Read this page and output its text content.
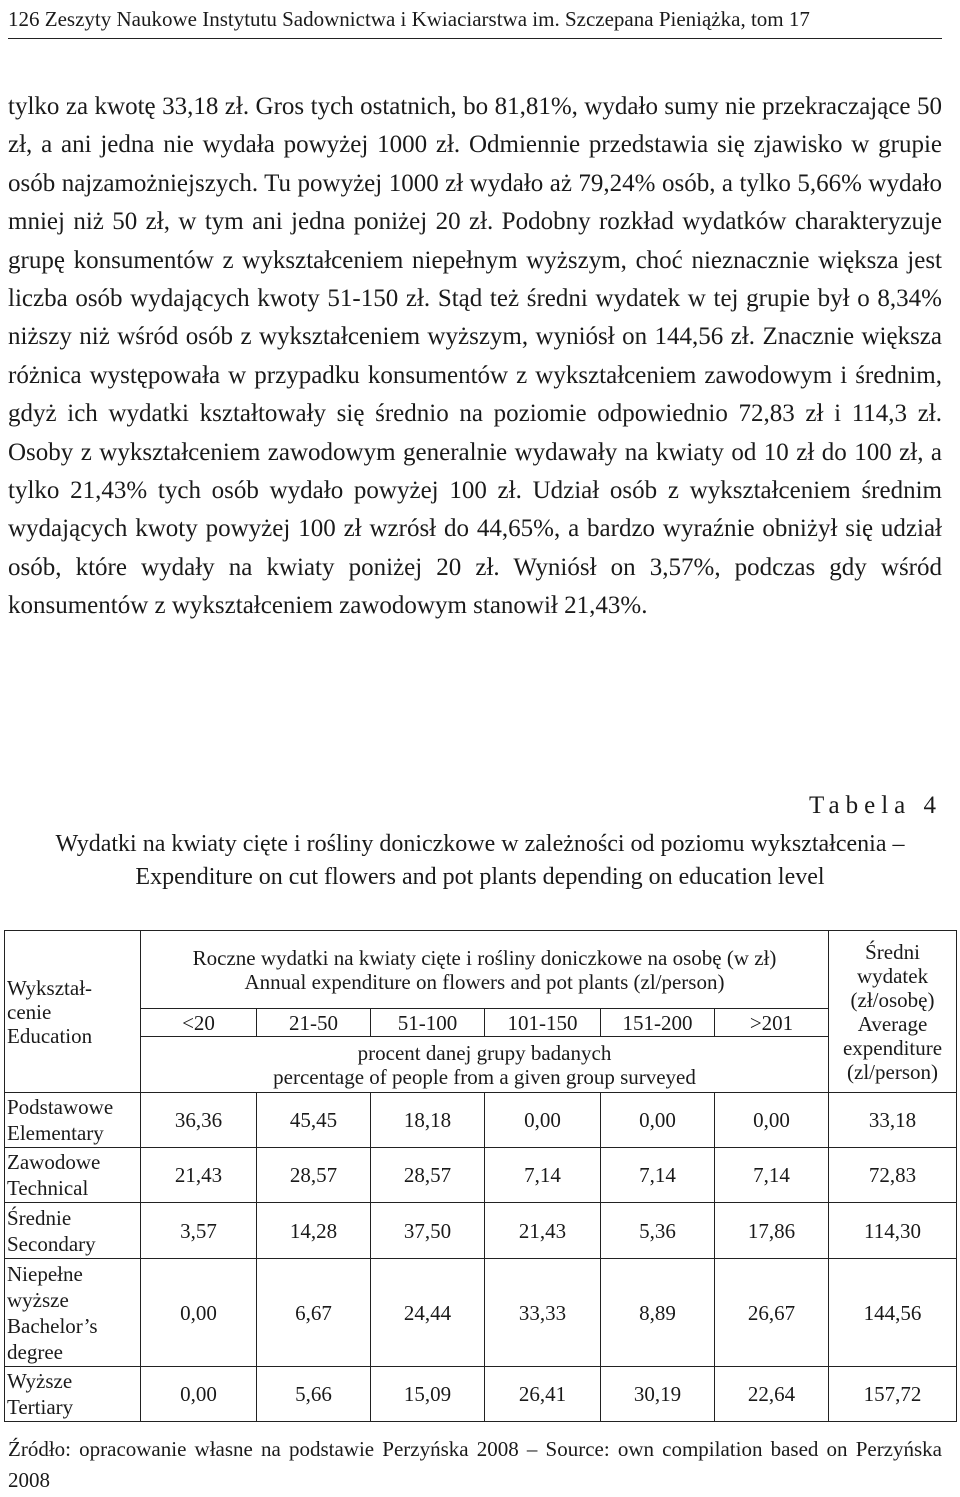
126 Zeszyty Naukowe Instytutu Sadownictwa i Kwiaciarstwa im. Szczepana Pieniążka, tom 17

tylko za kwotę 33,18 zł. Gros tych ostatnich, bo 81,81%, wydało sumy nie przekraczające 50 zł, a ani jedna nie wydała powyżej 1000 zł. Odmiennie przedstawia się zjawisko w grupie osób najzamożniejszych. Tu powyżej 1000 zł wydało aż 79,24% osób, a tylko 5,66% wydało mniej niż 50 zł, w tym ani jedna poniżej 20 zł. Podobny rozkład wydatków charakteryzuje grupę konsumentów z wykształceniem niepełnym wyższym, choć nieznacznie większa jest liczba osób wydających kwoty 51-150 zł. Stąd też średni wydatek w tej grupie był o 8,34% niższy niż wśród osób z wykształceniem wyższym, wyniósł on 144,56 zł. Znacznie większa różnica występowała w przypadku konsumentów z wykształceniem zawodowym i średnim, gdyż ich wydatki kształtowały się średnio na poziomie odpowiednio 72,83 zł i 114,3 zł. Osoby z wykształceniem zawodowym generalnie wydawały na kwiaty od 10 zł do 100 zł, a tylko 21,43% tych osób wydało powyżej 100 zł. Udział osób z wykształceniem średnim wydających kwoty powyżej 100 zł wzrósł do 44,65%, a bardzo wyraźnie obniżył się udział osób, które wydały na kwiaty poniżej 20 zł. Wyniósł on 3,57%, podczas gdy wśród konsumentów z wykształceniem zawodowym stanowił 21,43%.

Tabela 4
Wydatki na kwiaty cięte i rośliny doniczkowe w zależności od poziomu wykształcenia – Expenditure on cut flowers and pot plants depending on education level
Wykształ- cenie
Education	Roczne wydatki na kwiaty cięte i rośliny doniczkowe na osobę (w zł)
Annual expenditure on flowers and pot plants (zl/person)						Średni wydatek (zł/osobę)
Average expenditure (zl/person)
	<20	21-50	51-100	101-150	151-200	>201	
	procent danej grupy badanych
percentage of people from a given group surveyed						
Podstawowe
Elementary	36,36	45,45	18,18	0,00	0,00	0,00	33,18
Zawodowe
Technical	21,43	28,57	28,57	7,14	7,14	7,14	72,83
Średnie
Secondary	3,57	14,28	37,50	21,43	5,36	17,86	114,30
Niepełne wyższe
Bachelor’s degree	0,00	6,67	24,44	33,33	8,89	26,67	144,56
Wyższe
Tertiary	0,00	5,66	15,09	26,41	30,19	22,64	157,72
Źródło: opracowanie własne na podstawie Perzyńska 2008 – Source: own compilation based on Perzyńska 2008
